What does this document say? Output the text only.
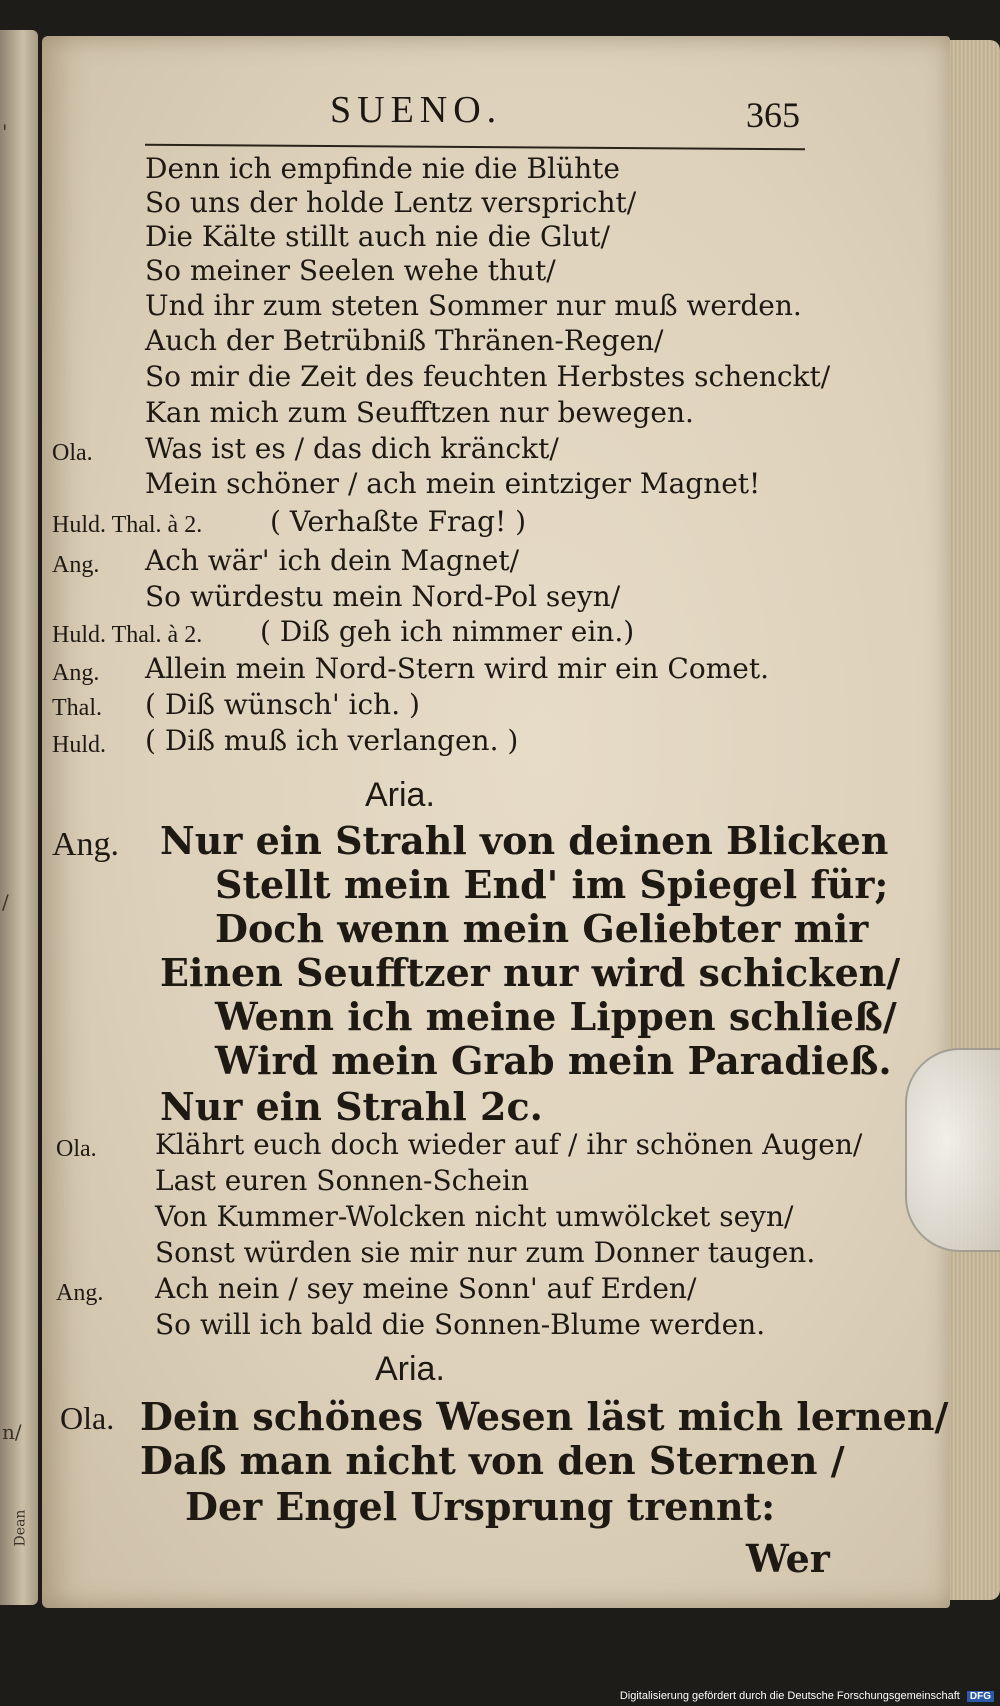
'
/
n/
Dean
SUENO.	365
Denn ich empfinde nie die Blühte
So uns der holde Lentz verspricht/
Die Kälte stillt auch nie die Glut/
So meiner Seelen wehe thut/
Und ihr zum steten Sommer nur muß werden.
Auch der Betrübniß Thränen-Regen/
So mir die Zeit des feuchten Herbstes schenckt/
Kan mich zum Seufftzen nur bewegen.
Ola. Was ist es / das dich kränckt/
Mein schöner / ach mein eintziger Magnet!
Huld. Thal. à 2. ( Verhaßte Frag! )
Ang. Ach wär' ich dein Magnet/
So würdestu mein Nord-Pol seyn/
Huld. Thal. à 2. ( Diß geh ich nimmer ein.)
Ang. Allein mein Nord-Stern wird mir ein Comet.
Thal. ( Diß wünsch' ich. )
Huld. ( Diß muß ich verlangen. )
Aria.
Ang. Nur ein Strahl von deinen Blicken
Stellt mein End' im Spiegel für;
Doch wenn mein Geliebter mir
Einen Seufftzer nur wird schicken/
Wenn ich meine Lippen schließ/
Wird mein Grab mein Paradieß.
Nur ein Strahl 2c.
Ola. Klährt euch doch wieder auf / ihr schönen Augen/
Last euren Sonnen-Schein
Von Kummer-Wolcken nicht umwölcket seyn/
Sonst würden sie mir nur zum Donner taugen.
Ang. Ach nein / sey meine Sonn' auf Erden/
So will ich bald die Sonnen-Blume werden.
Aria.
Ola. Dein schönes Wesen läst mich lernen/
Daß man nicht von den Sternen /
Der Engel Ursprung trennt:
Wer
Digitalisierung gefördert durch die Deutsche Forschungsgemeinschaft DFG
